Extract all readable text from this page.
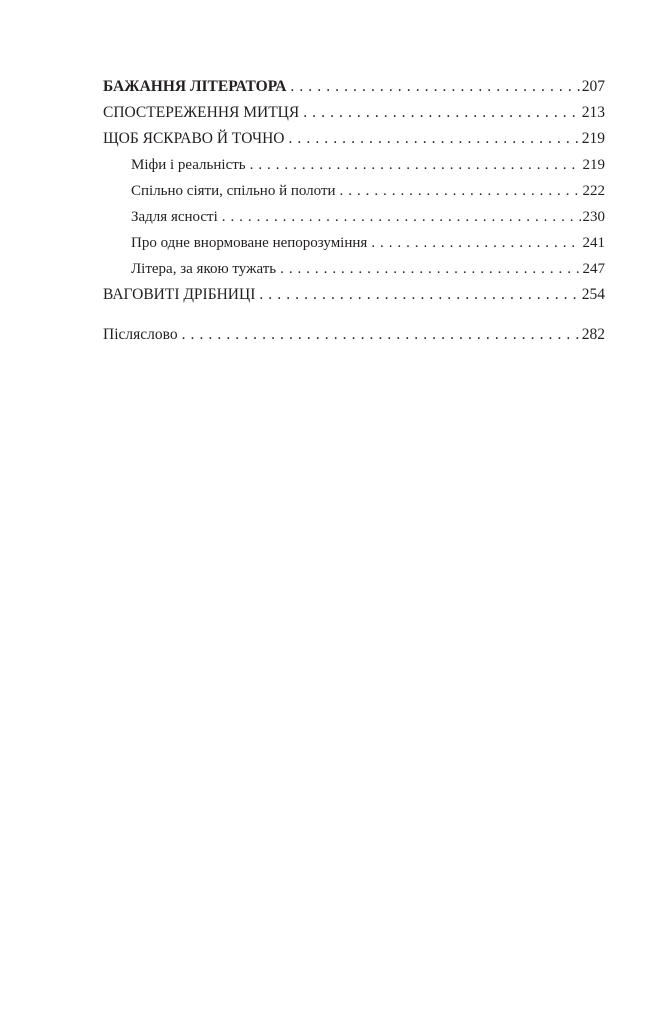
БАЖАННЯ ЛІТЕРАТОРА . . .	207
СПОСТЕРЕЖЕННЯ МИТЦЯ . . .	213
ЩОБ ЯСКРАВО Й ТОЧНО . . .	219
Міфи і реальність . . .	219
Спільно сіяти, спільно й полоти . . .	222
Задля ясності . . .	230
Про одне внормоване непорозуміння . . .	241
Літера, за якою тужать . . .	247
ВАГОВИТІ ДРІБНИЦІ . . .	254
Післяслово . . .	282
